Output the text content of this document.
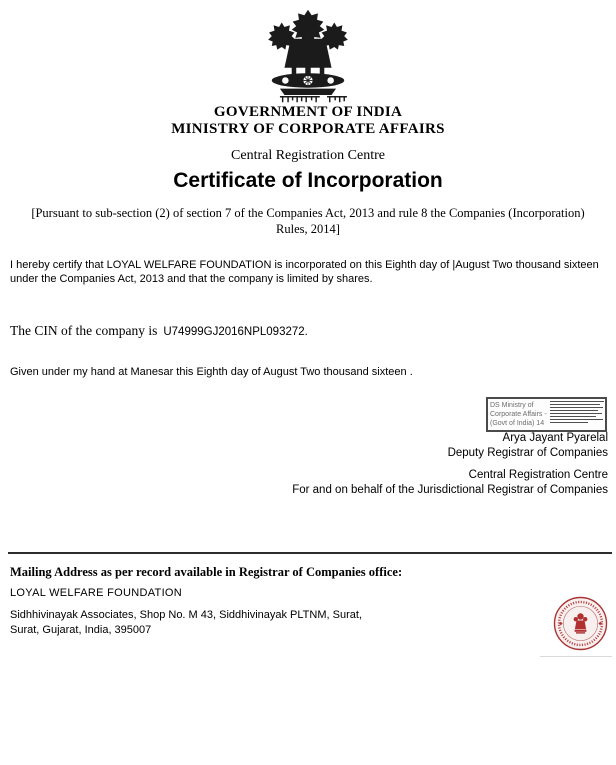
GOVERNMENT OF INDIA
MINISTRY OF CORPORATE AFFAIRS
Central Registration Centre
Certificate of Incorporation
[Pursuant to sub-section (2) of section 7 of the Companies Act, 2013 and rule 8 the Companies (Incorporation) Rules, 2014]
I hereby certify that LOYAL WELFARE FOUNDATION is incorporated on this Eighth day of |August Two thousand sixteen under the Companies Act, 2013 and that the company is limited by shares.
The CIN of the company is U74999GJ2016NPL093272.
Given under my hand at Manesar this Eighth day of August Two thousand sixteen .
DS Ministry of Corporate Affairs - (Govt of India) 14
Arya Jayant Pyarelal
Deputy Registrar of Companies
Central Registration Centre
For and on behalf of the Jurisdictional Registrar of Companies
Mailing Address as per record available in Registrar of Companies office:
LOYAL WELFARE FOUNDATION
Sidhhivinayak Associates, Shop No. M 43, Siddhivinayak PLTNM, Surat,
Surat, Gujarat, India, 395007
